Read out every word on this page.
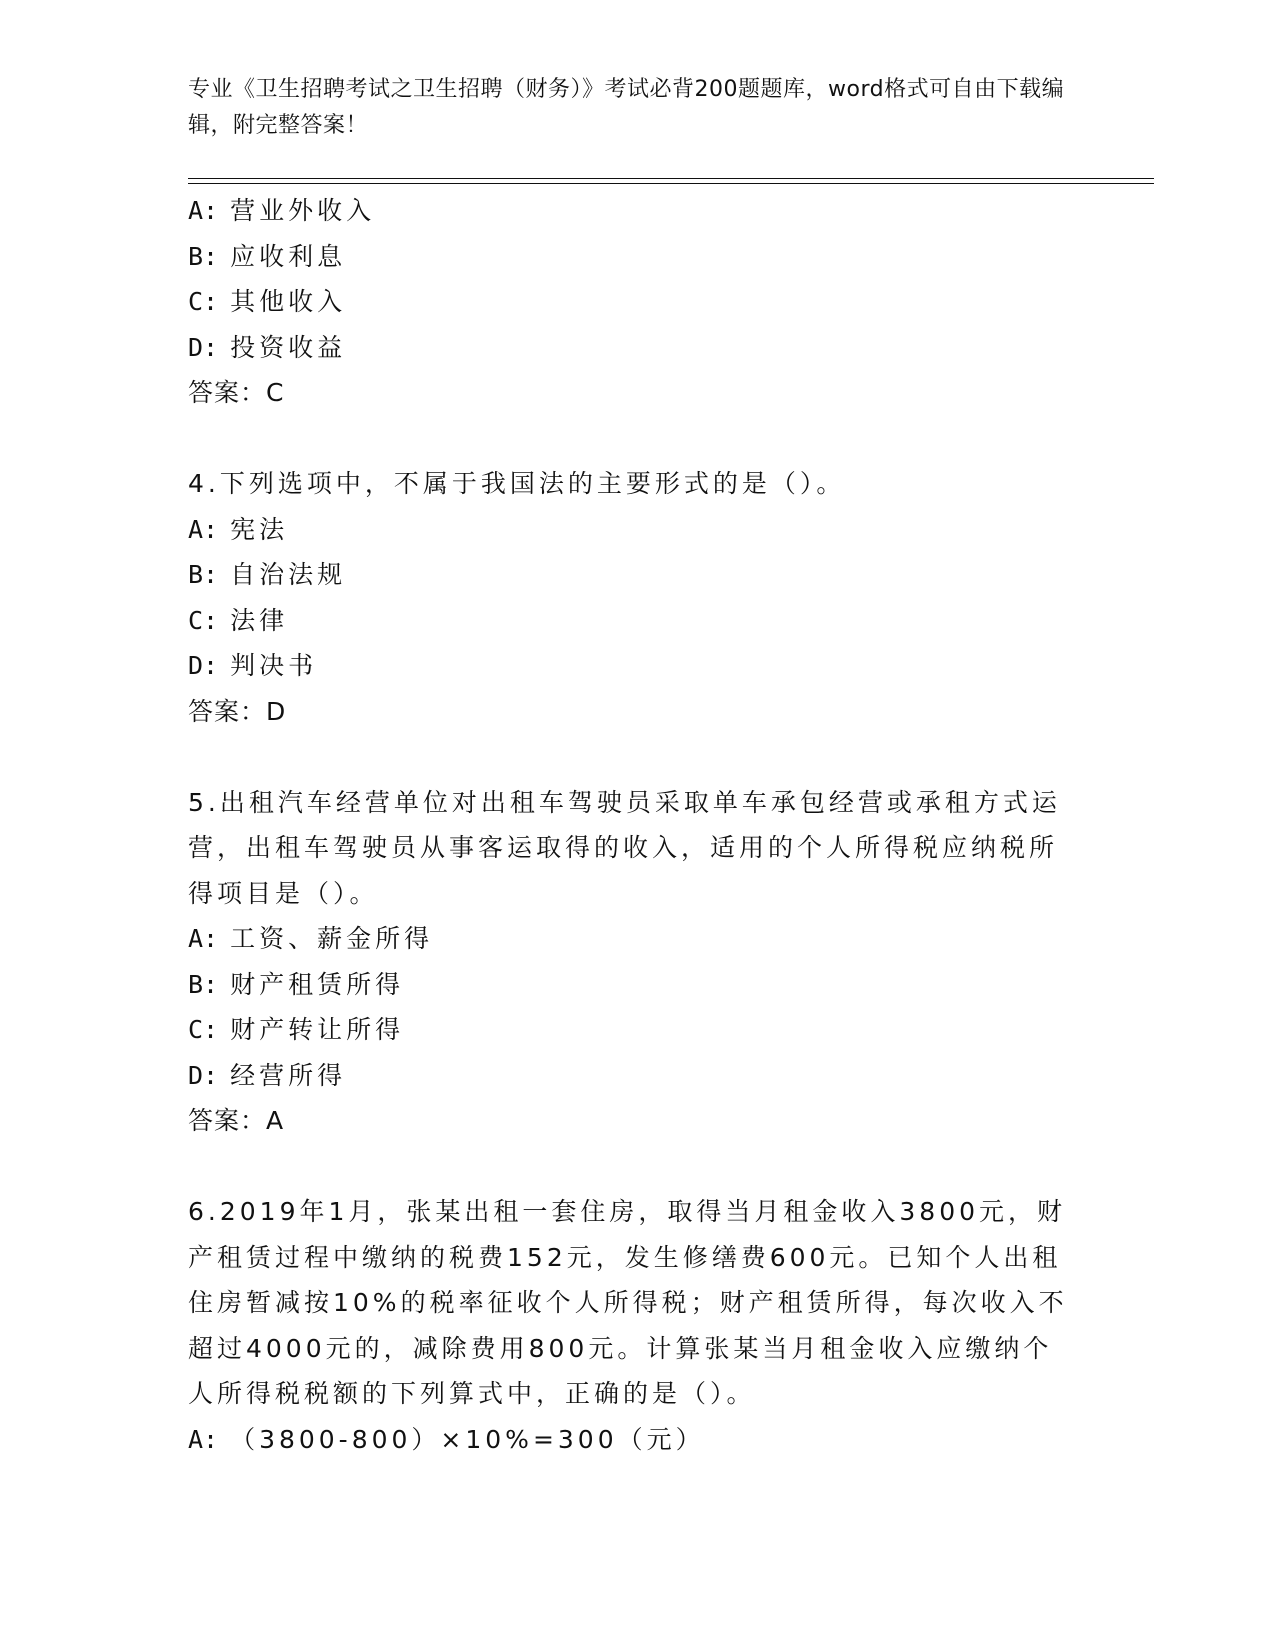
专业《卫生招聘考试之卫生招聘（财务）》考试必背200题题库，word格式可自由下载编辑，附完整答案！
A: 营业外收入
B: 应收利息
C: 其他收入
D: 投资收益
答案：C
4.下列选项中，不属于我国法的主要形式的是（）。
A: 宪法
B: 自治法规
C: 法律
D: 判决书
答案：D
5.出租汽车经营单位对出租车驾驶员采取单车承包经营或承租方式运营，出租车驾驶员从事客运取得的收入，适用的个人所得税应纳税所得项目是（）。
A: 工资、薪金所得
B: 财产租赁所得
C: 财产转让所得
D: 经营所得
答案：A
6.2019年1月，张某出租一套住房，取得当月租金收入3800元，财产租赁过程中缴纳的税费152元，发生修缮费600元。已知个人出租住房暂减按10%的税率征收个人所得税；财产租赁所得，每次收入不超过4000元的，减除费用800元。计算张某当月租金收入应缴纳个人所得税税额的下列算式中，正确的是（）。
A: （3800-800）×10%=300（元）
